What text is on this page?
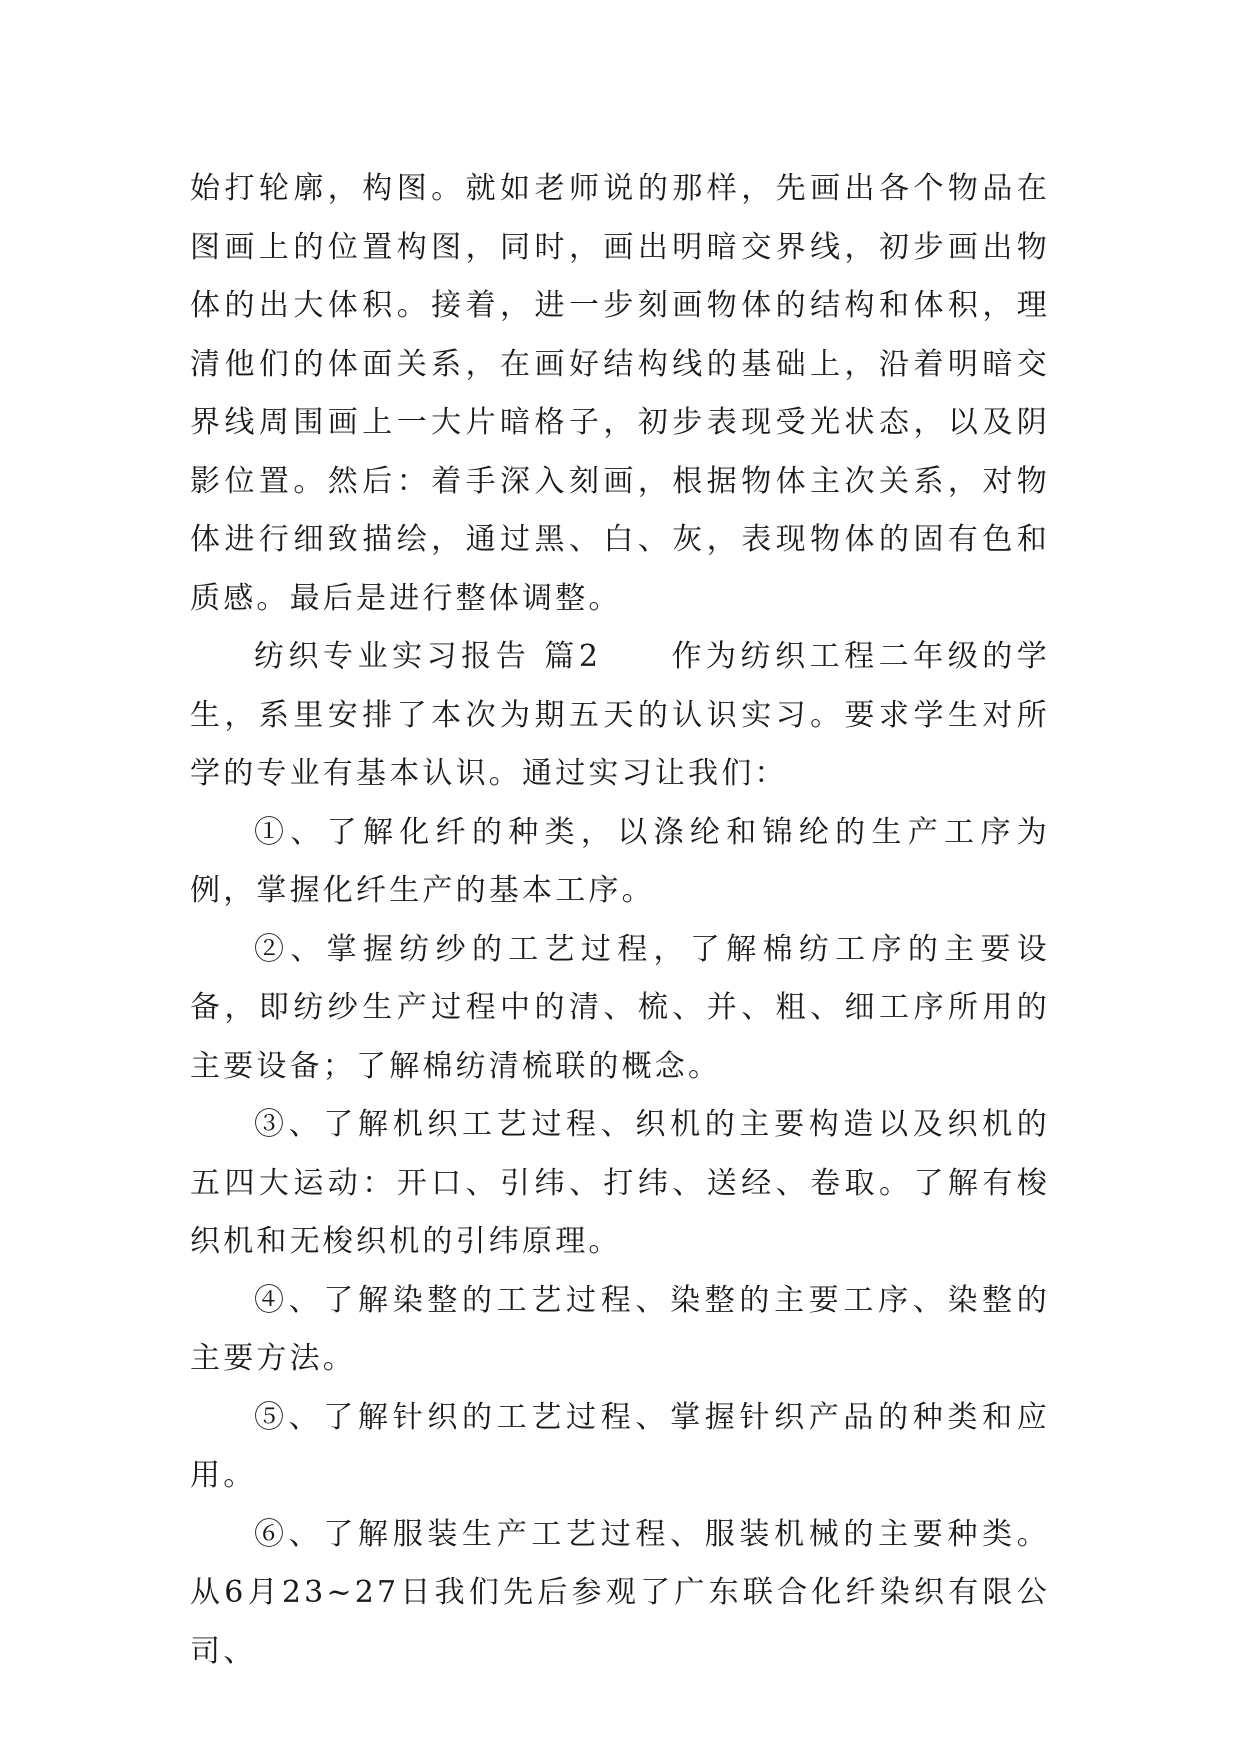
始打轮廓，构图。就如老师说的那样，先画出各个物品在图画上的位置构图，同时，画出明暗交界线，初步画出物体的出大体积。接着，进一步刻画物体的结构和体积，理清他们的体面关系，在画好结构线的基础上，沿着明暗交界线周围画上一大片暗格子，初步表现受光状态，以及阴影位置。然后：着手深入刻画，根据物体主次关系，对物体进行细致描绘，通过黑、白、灰，表现物体的固有色和质感。最后是进行整体调整。

纺织专业实习报告 篇2　　作为纺织工程二年级的学生，系里安排了本次为期五天的认识实习。要求学生对所学的专业有基本认识。通过实习让我们：

①、了解化纤的种类，以涤纶和锦纶的生产工序为例，掌握化纤生产的基本工序。

②、掌握纺纱的工艺过程，了解棉纺工序的主要设备，即纺纱生产过程中的清、梳、并、粗、细工序所用的主要设备；了解棉纺清梳联的概念。

③、了解机织工艺过程、织机的主要构造以及织机的五四大运动：开口、引纬、打纬、送经、卷取。了解有梭织机和无梭织机的引纬原理。

④、了解染整的工艺过程、染整的主要工序、染整的主要方法。

⑤、了解针织的工艺过程、掌握针织产品的种类和应用。

⑥、了解服装生产工艺过程、服装机械的主要种类。从6月23~27日我们先后参观了广东联合化纤染织有限公司、
